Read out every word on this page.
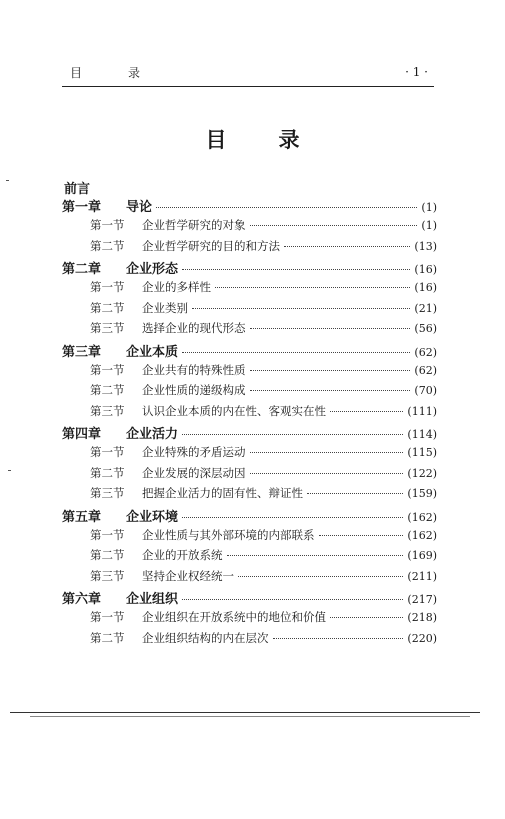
目	录	· 1 ·
目 录
前言
第一章	导论	(1)
第一节	企业哲学研究的对象	(1)
第二节	企业哲学研究的目的和方法	(13)
第二章	企业形态	(16)
第一节	企业的多样性	(16)
第二节	企业类别	(21)
第三节	选择企业的现代形态	(56)
第三章	企业本质	(62)
第一节	企业共有的特殊性质	(62)
第二节	企业性质的递级构成	(70)
第三节	认识企业本质的内在性、客观实在性	(111)
第四章	企业活力	(114)
第一节	企业特殊的矛盾运动	(115)
第二节	企业发展的深层动因	(122)
第三节	把握企业活力的固有性、辩证性	(159)
第五章	企业环境	(162)
第一节	企业性质与其外部环境的内部联系	(162)
第二节	企业的开放系统	(169)
第三节	坚持企业权经统一	(211)
第六章	企业组织	(217)
第一节	企业组织在开放系统中的地位和价值	(218)
第二节	企业组织结构的内在层次	(220)
